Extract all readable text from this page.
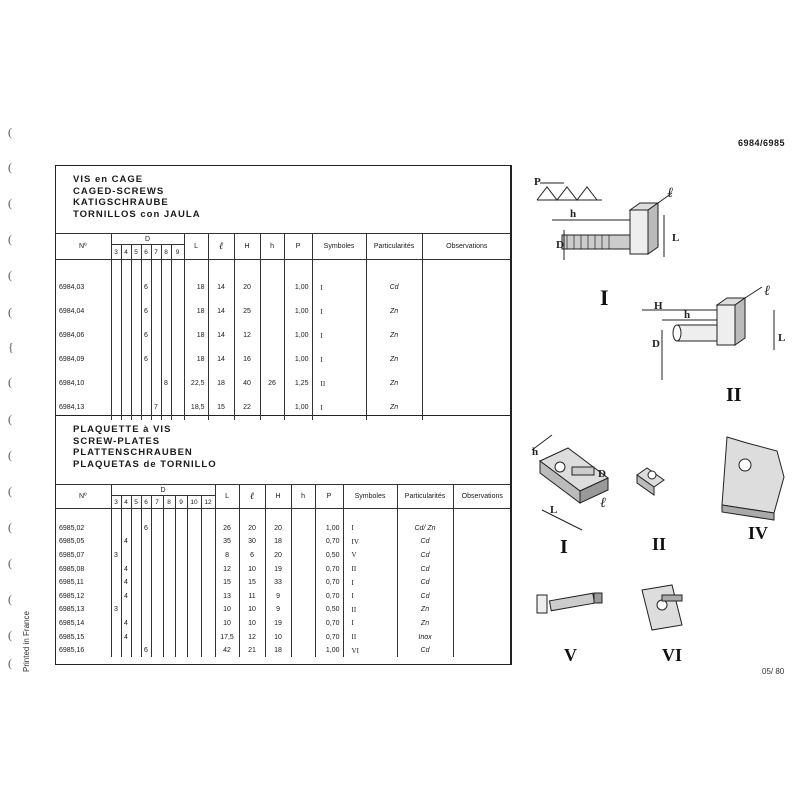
6984/6985
(
(
(
(
(
(
{
(
(
(
(
(
(
(
(
( Printed in France	05/ 80
VIS en CAGE
CAGED-SCREWS
KATIGSCHRAUBE
TORNILLOS con JAULA
Nº	D							L	ℓ	H	h	P	Symboles	Particularités	Observations
	3	4	5	6	7	8	9								

6984,03				6				18	14	20		1,00	I	Cd	
6984,04				6				18	14	25		1,00	I	Zn	
6984,06				6				18	14	12		1,00	I	Zn	
6984,09				6				18	14	16		1,00	I	Zn	
6984,10						8		22,5	18	40	26	1,25	II	Zn	
6984,13					7			18,5	15	22		1,00	I	Zn	
PLAQUETTE à VIS
SCREW-PLATES
PLATTENSCHRAUBEN
PLAQUETAS de TORNILLO
Nº	D									L	ℓ	H	h	P	Symboles	Particularités	Observations
	3	4	5	6	7	8	9	10	12								

6985,02				6						26	20	20		1,00	I	Cd/ Zn	
6985,05		4								35	30	18		0,70	IV	Cd	
6985,07	3									8	6	20		0,50	V	Cd	
6985,08		4								12	10	19		0,70	II	Cd	
6985,11		4								15	15	33		0,70	I	Cd	
6985,12		4								13	11	9		0,70	I	Cd	
6985,13	3									10	10	9		0,50	II	Zn	
6985,14		4								10	10	19		0,70	I	Zn	
6985,15		4								17,5	12	10		0,70	II	Inox	
6985,16				6						42	21	18		1,00	VI	Cd	
P
h
ℓ
L
D
I	H
h
ℓ
L
D
II
h
L	ℓ
D
I	II
IV
V	VI
